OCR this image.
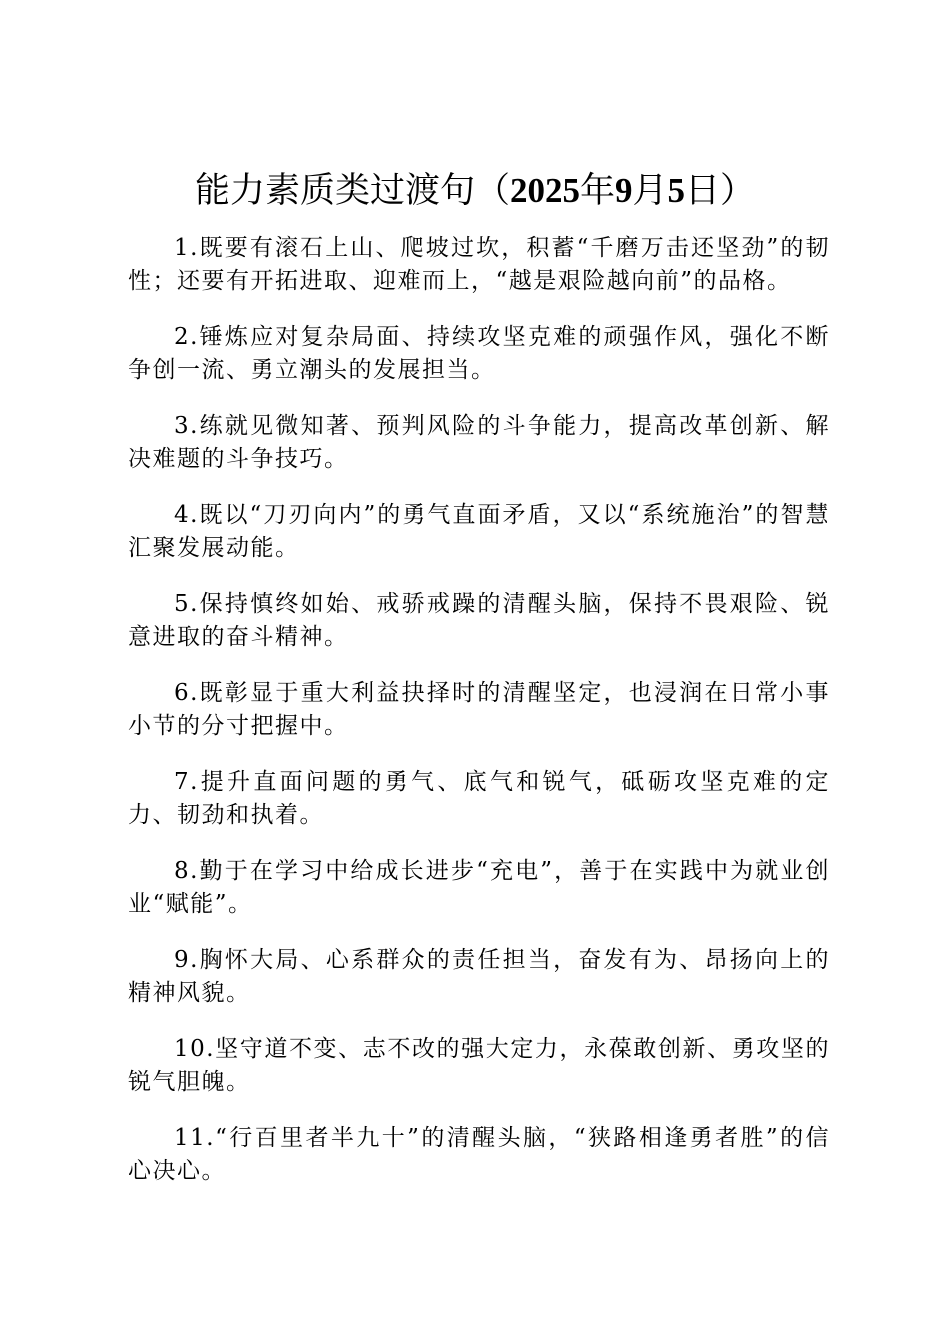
能力素质类过渡句（2025年9月5日）
1.既要有滚石上山、爬坡过坎，积蓄“千磨万击还坚劲”的韧性；还要有开拓进取、迎难而上，“越是艰险越向前”的品格。
2.锤炼应对复杂局面、持续攻坚克难的顽强作风，强化不断争创一流、勇立潮头的发展担当。
3.练就见微知著、预判风险的斗争能力，提高改革创新、解决难题的斗争技巧。
4.既以“刀刃向内”的勇气直面矛盾，又以“系统施治”的智慧汇聚发展动能。
5.保持慎终如始、戒骄戒躁的清醒头脑，保持不畏艰险、锐意进取的奋斗精神。
6.既彰显于重大利益抉择时的清醒坚定，也浸润在日常小事小节的分寸把握中。
7.提升直面问题的勇气、底气和锐气，砥砺攻坚克难的定力、韧劲和执着。
8.勤于在学习中给成长进步“充电”，善于在实践中为就业创业“赋能”。
9.胸怀大局、心系群众的责任担当，奋发有为、昂扬向上的精神风貌。
10.坚守道不变、志不改的强大定力，永葆敢创新、勇攻坚的锐气胆魄。
11.“行百里者半九十”的清醒头脑，“狭路相逢勇者胜”的信心决心。
